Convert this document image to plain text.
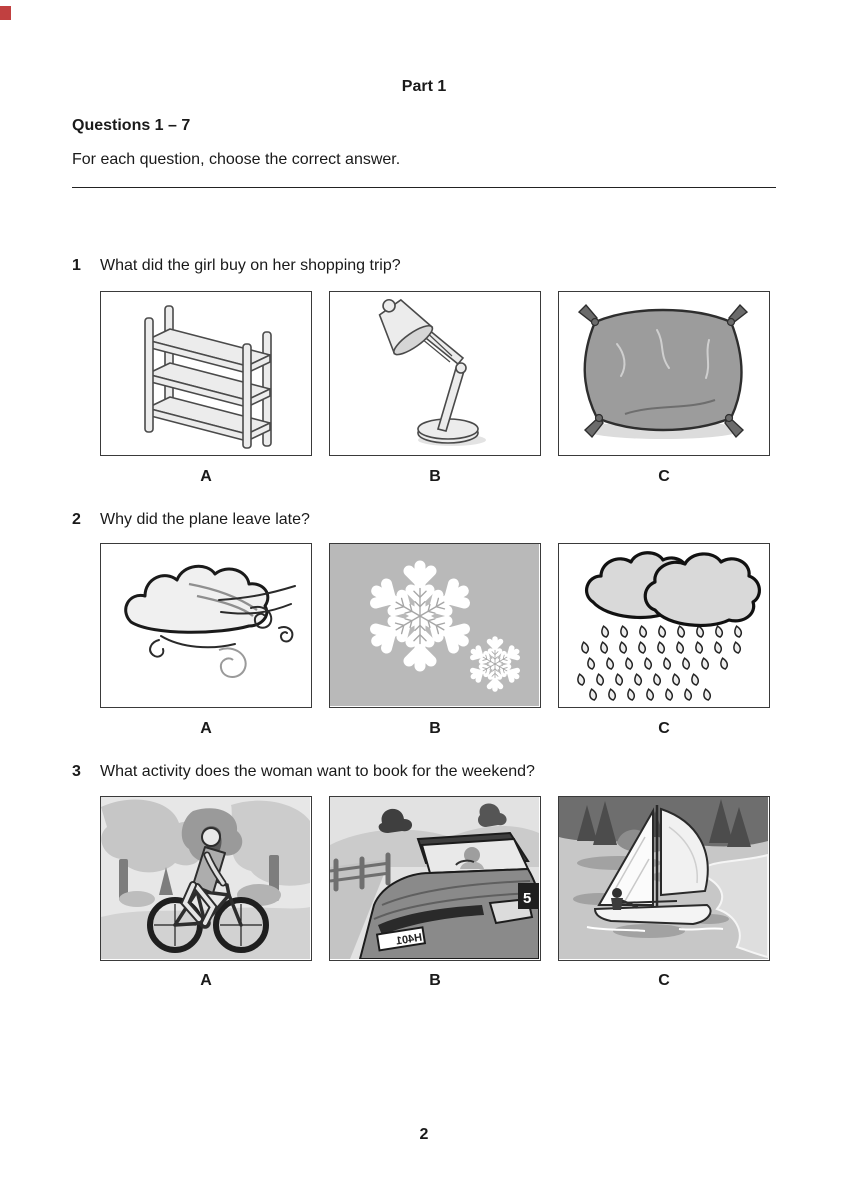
Part 1
Questions 1 – 7
For each question, choose the correct answer.
1 What did the girl buy on her shopping trip?
A	B	C
2 Why did the plane leave late?
A	B	C
3 What activity does the woman want to book for the weekend?
H401
5
A	B	C
2
